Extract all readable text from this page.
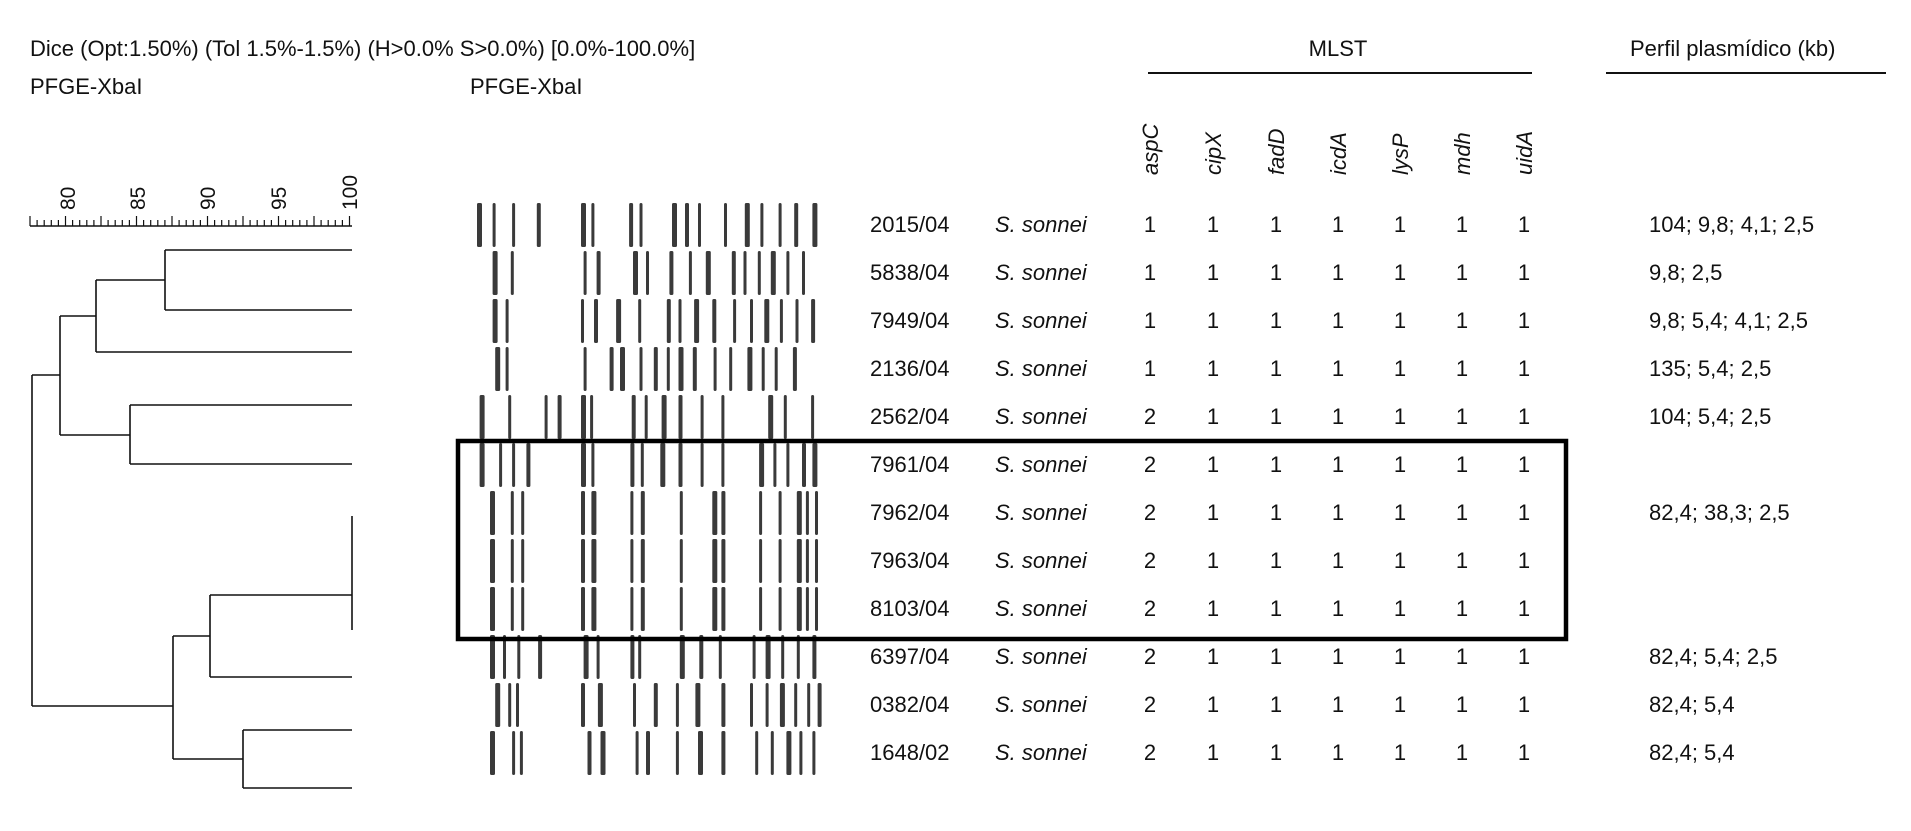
Dice (Opt:1.50%) (Tol 1.5%-1.5%) (H>0.0% S>0.0%) [0.0%-100.0%]
PFGE-XbaI	PFGE-XbaI
MLST	Perfil plasmídico (kb)
80 85 90 95 100
aspC cipX fadD icdA lysP mdh uidA
2015/04 S. sonnei	1 1 1 1 1 1 1	104; 9,8; 4,1; 2,5
5838/04 S. sonnei	1 1 1 1 1 1 1	9,8; 2,5
7949/04 S. sonnei	1 1 1 1 1 1 1	9,8; 5,4; 4,1; 2,5
2136/04 S. sonnei	1 1 1 1 1 1 1	135; 5,4; 2,5
2562/04 S. sonnei	2 1 1 1 1 1 1	104; 5,4; 2,5
7961/04 S. sonnei	2 1 1 1 1 1 1
7962/04 S. sonnei	2 1 1 1 1 1 1	82,4; 38,3; 2,5
7963/04 S. sonnei	2 1 1 1 1 1 1
8103/04 S. sonnei	2 1 1 1 1 1 1
6397/04 S. sonnei	2 1 1 1 1 1 1	82,4; 5,4; 2,5
0382/04 S. sonnei	2 1 1 1 1 1 1	82,4; 5,4
1648/02 S. sonnei	2 1 1 1 1 1 1	82,4; 5,4
